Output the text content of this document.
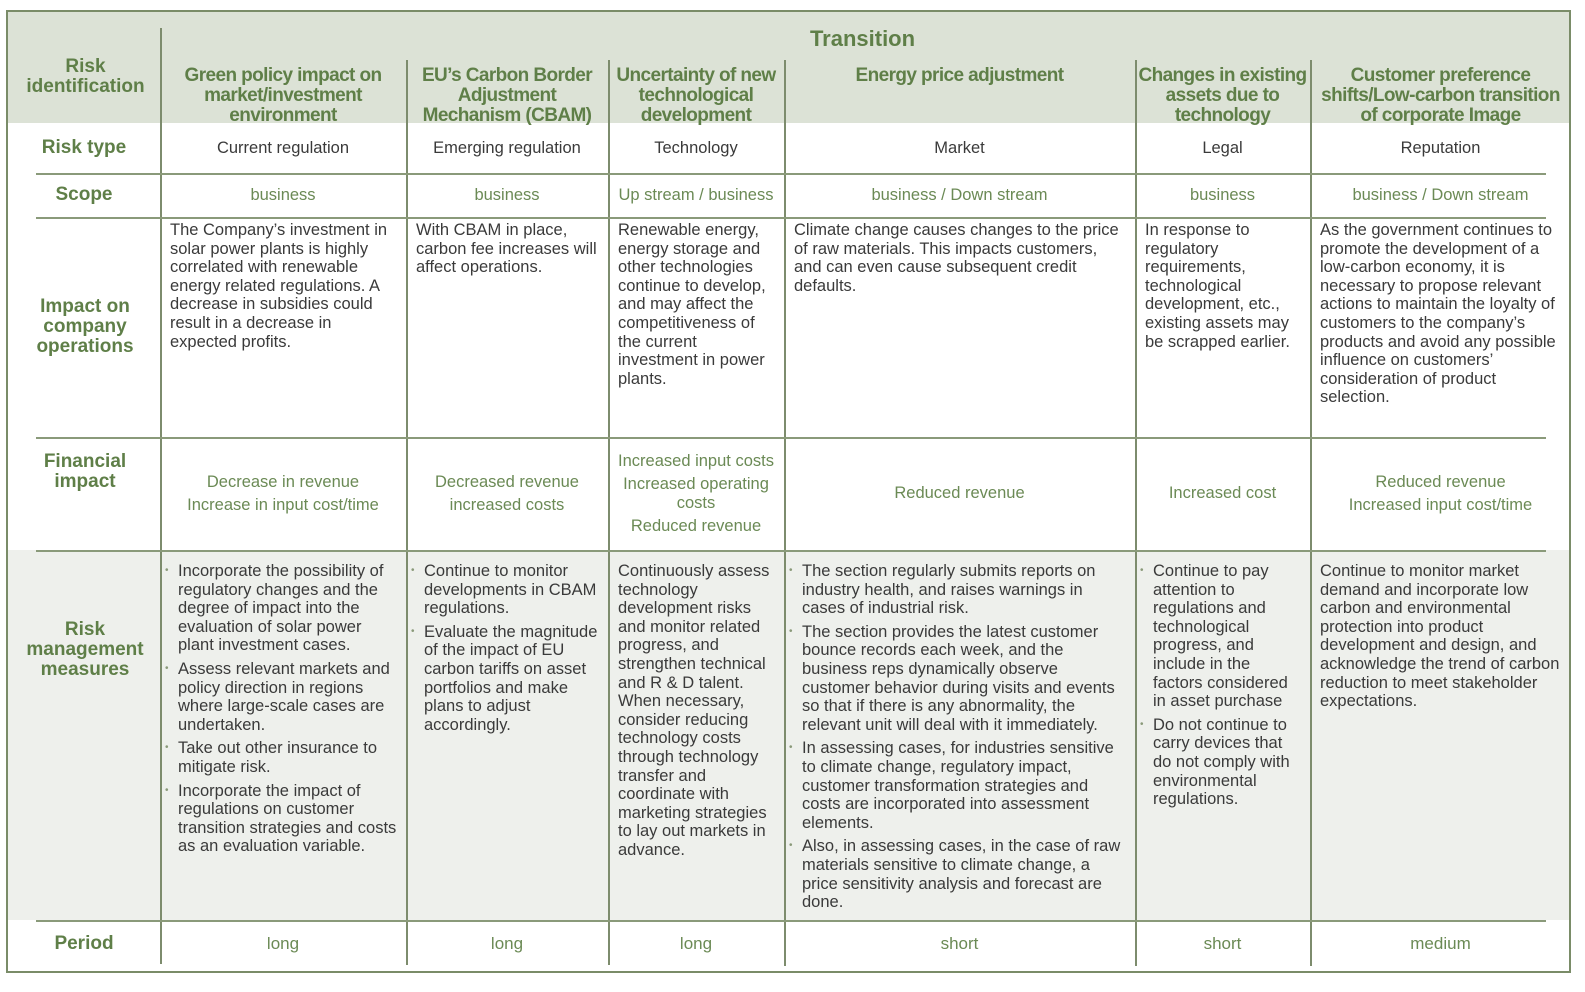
Transition
Risk identification
Risk type
Scope
Impact on company operations
Financial impact
Risk management measures
Period
Green policy impact on market/investment environment
Current regulation
business
The Company’s investment in solar power plants is highly correlated with renewable energy related regulations. A decrease in subsidies could result in a decrease in expected profits.

Decrease in revenue

Increase in input cost/time

• Incorporate the possibility of regulatory changes and the degree of impact into the evaluation of solar power plant investment cases.
• Assess relevant markets and policy direction in regions where large-scale cases are undertaken.
• Take out other insurance to mitigate risk.
• Incorporate the impact of regulations on customer transition strategies and costs as an evaluation variable.
long
EU’s Carbon Border Adjustment Mechanism (CBAM)
Emerging regulation
business
With CBAM in place, carbon fee increases will affect operations.

Decreased revenue

increased costs

• Continue to monitor developments in CBAM regulations.
• Evaluate the magnitude of the impact of EU carbon tariffs on asset portfolios and make plans to adjust accordingly.
long
Uncertainty of new technological development
Technology
Up stream / business
Renewable energy, energy storage and other technologies continue to develop, and may affect the competitiveness of the current investment in power plants.

Increased input costs

Increased operating costs

Reduced revenue

Continuously assess technology development risks and monitor related progress, and strengthen technical and R & D talent. When necessary, consider reducing technology costs through technology transfer and coordinate with marketing strategies to lay out markets in advance.
long
Energy price adjustment
Market
business / Down stream
Climate change causes changes to the price of raw materials. This impacts customers, and can even cause subsequent credit defaults.

Reduced revenue

• The section regularly submits reports on industry health, and raises warnings in cases of industrial risk.
• The section provides the latest customer bounce records each week, and the business reps dynamically observe customer behavior during visits and events so that if there is any abnormality, the relevant unit will deal with it immediately.
• In assessing cases, for industries sensitive to climate change, regulatory impact, customer transformation strategies and costs are incorporated into assessment elements.
• Also, in assessing cases, in the case of raw materials sensitive to climate change, a price sensitivity analysis and forecast are done.
short
Changes in existing assets due to technology
Legal
business
In response to regulatory requirements, technological development, etc., existing assets may be scrapped earlier.

Increased cost

• Continue to pay attention to regulations and technological progress, and include in the factors considered in asset purchase
• Do not continue to carry devices that do not comply with environmental regulations.
short
Customer preference shifts/Low-carbon transition of corporate Image
Reputation
business / Down stream
As the government continues to promote the development of a low-carbon economy, it is necessary to propose relevant actions to maintain the loyalty of customers to the company’s products and avoid any possible influence on customers’ consideration of product selection.

Reduced revenue

Increased input cost/time

Continue to monitor market demand and incorporate low carbon and environmental protection into product development and design, and acknowledge the trend of carbon reduction to meet stakeholder expectations.
medium
